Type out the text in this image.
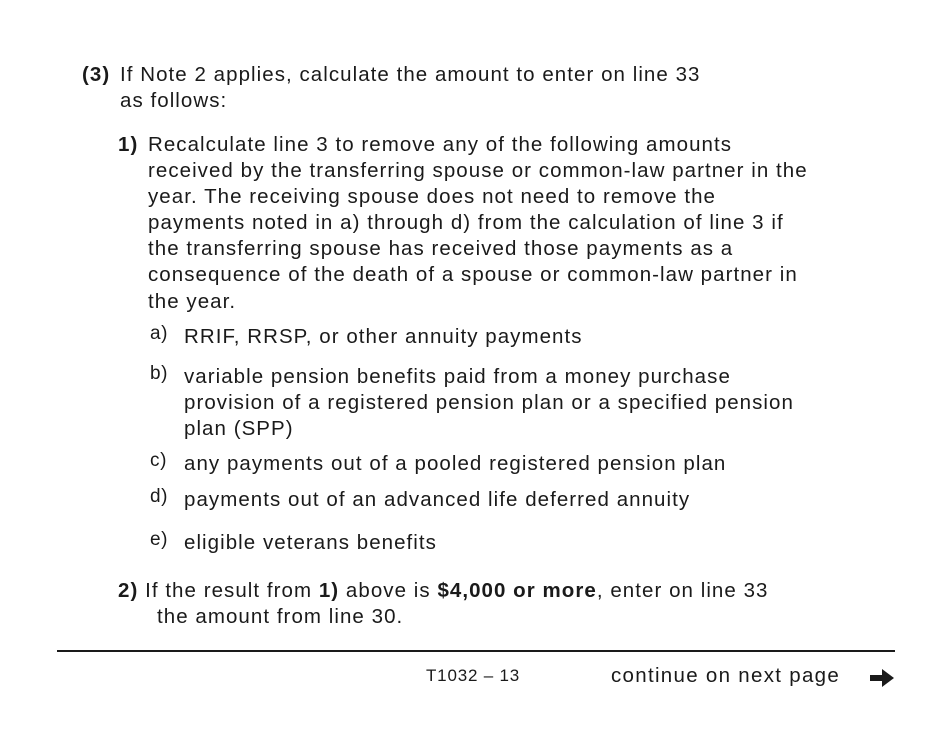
(3) If Note 2 applies, calculate the amount to enter on line 33
as follows:
1) Recalculate line 3 to remove any of the following amounts
received by the transferring spouse or common-law partner in the
year. The receiving spouse does not need to remove the
payments noted in a) through d) from the calculation of line 3 if
the transferring spouse has received those payments as a
consequence of the death of a spouse or common-law partner in
the year.
a) RRIF, RRSP, or other annuity payments
b) variable pension benefits paid from a money purchase
provision of a registered pension plan or a specified pension
plan (SPP)
c) any payments out of a pooled registered pension plan
d) payments out of an advanced life deferred annuity
e) eligible veterans benefits
2) If the result from 1) above is $4,000 or more, enter on line 33
the amount from line 30.
T1032 – 13	continue on next page
